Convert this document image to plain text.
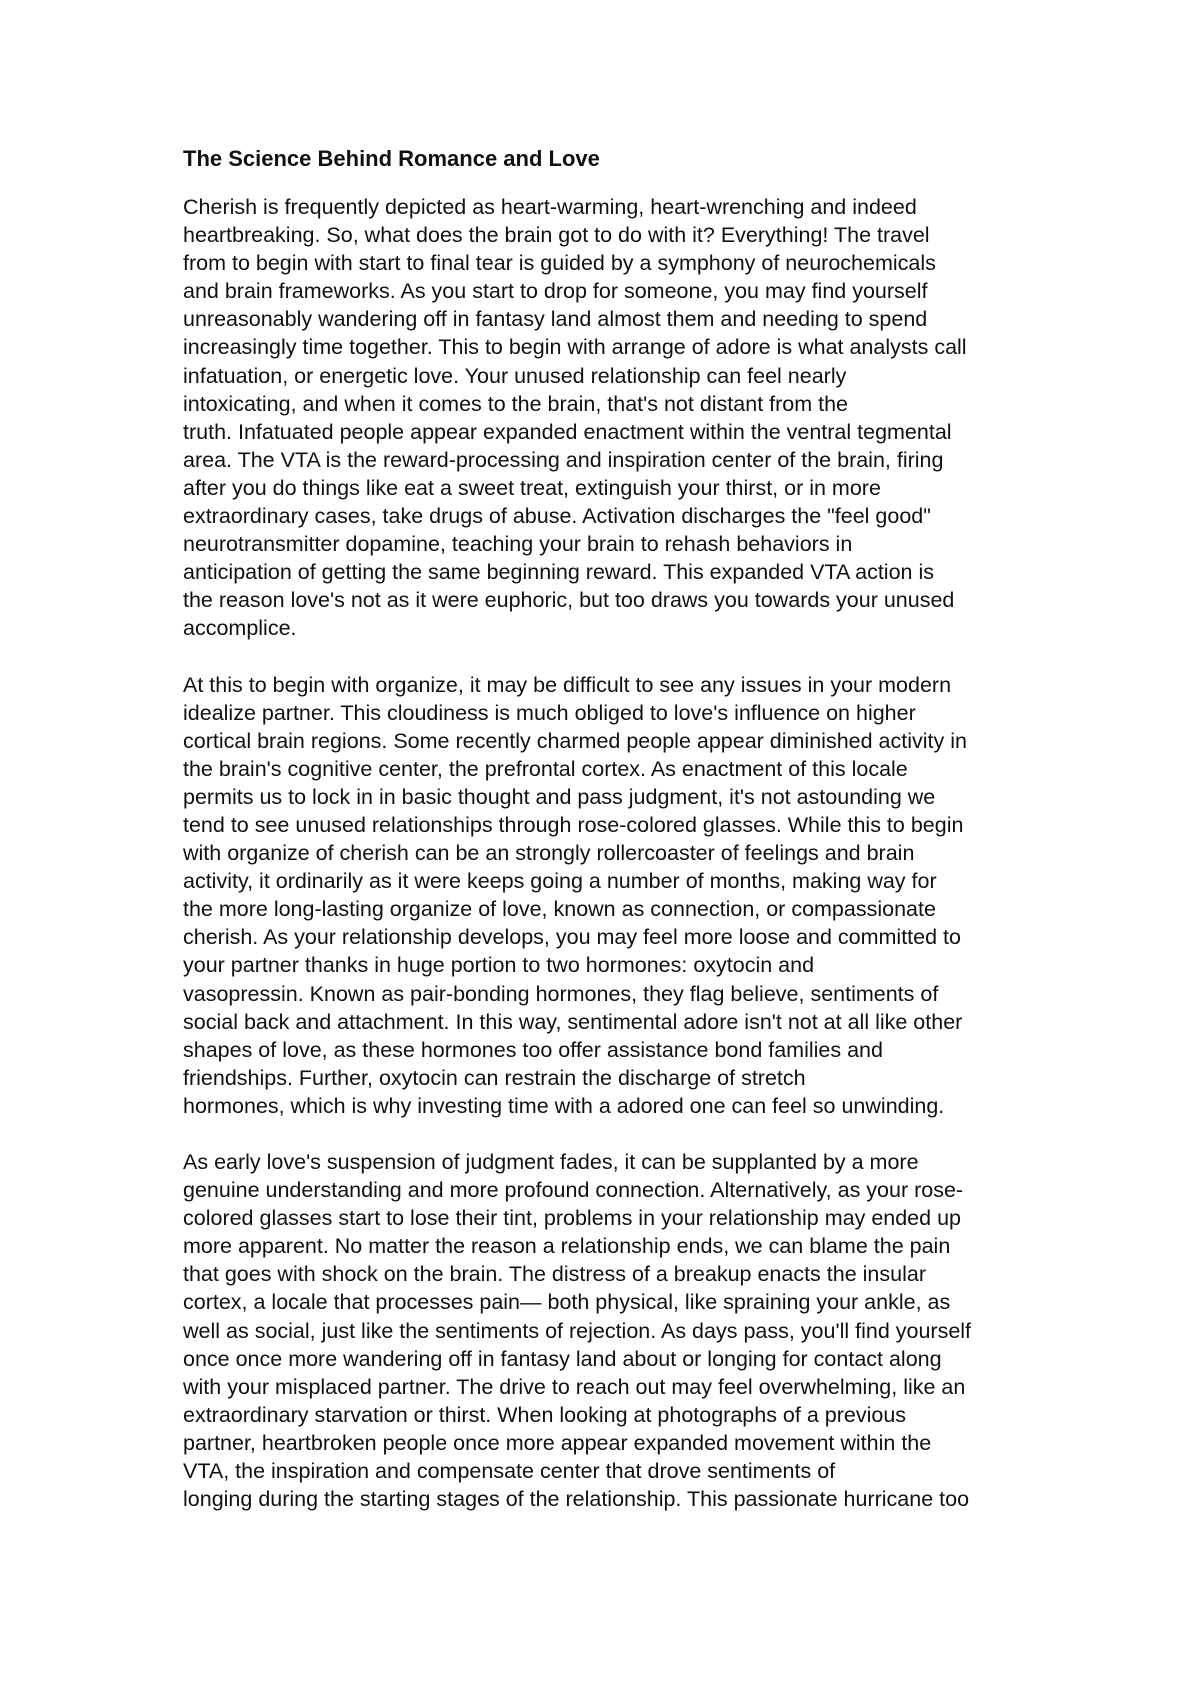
The Science Behind Romance and Love
Cherish is frequently depicted as heart-warming, heart-wrenching and indeed
heartbreaking. So, what does the brain got to do with it? Everything! The travel
from to begin with start to final tear is guided by a symphony of neurochemicals
and brain frameworks. As you start to drop for someone, you may find yourself
unreasonably wandering off in fantasy land almost them and needing to spend
increasingly time together. This to begin with arrange of adore is what analysts call
infatuation, or energetic love. Your unused relationship can feel nearly
intoxicating, and when it comes to the brain, that's not distant from the
truth. Infatuated people appear expanded enactment within the ventral tegmental
area. The VTA is the reward-processing and inspiration center of the brain, firing
after you do things like eat a sweet treat, extinguish your thirst, or in more
extraordinary cases, take drugs of abuse. Activation discharges the "feel good"
neurotransmitter dopamine, teaching your brain to rehash behaviors in
anticipation of getting the same beginning reward. This expanded VTA action is
the reason love's not as it were euphoric, but too draws you towards your unused
accomplice.
At this to begin with organize, it may be difficult to see any issues in your modern
idealize partner. This cloudiness is much obliged to love's influence on higher
cortical brain regions. Some recently charmed people appear diminished activity in
the brain's cognitive center, the prefrontal cortex. As enactment of this locale
permits us to lock in in basic thought and pass judgment, it's not astounding we
tend to see unused relationships through rose-colored glasses. While this to begin
with organize of cherish can be an strongly rollercoaster of feelings and brain
activity, it ordinarily as it were keeps going a number of months, making way for
the more long-lasting organize of love, known as connection, or compassionate
cherish. As your relationship develops, you may feel more loose and committed to
your partner thanks in huge portion to two hormones: oxytocin and
vasopressin. Known as pair-bonding hormones, they flag believe, sentiments of
social back and attachment. In this way, sentimental adore isn't not at all like other
shapes of love, as these hormones too offer assistance bond families and
friendships. Further, oxytocin can restrain the discharge of stretch
hormones, which is why investing time with a adored one can feel so unwinding.
As early love's suspension of judgment fades, it can be supplanted by a more
genuine understanding and more profound connection. Alternatively, as your rose-
colored glasses start to lose their tint, problems in your relationship may ended up
more apparent. No matter the reason a relationship ends, we can blame the pain
that goes with shock on the brain. The distress of a breakup enacts the insular
cortex, a locale that processes pain— both physical, like spraining your ankle, as
well as social, just like the sentiments of rejection. As days pass, you'll find yourself
once once more wandering off in fantasy land about or longing for contact along
with your misplaced partner. The drive to reach out may feel overwhelming, like an
extraordinary starvation or thirst. When looking at photographs of a previous
partner, heartbroken people once more appear expanded movement within the
VTA, the inspiration and compensate center that drove sentiments of
longing during the starting stages of the relationship. This passionate hurricane too
